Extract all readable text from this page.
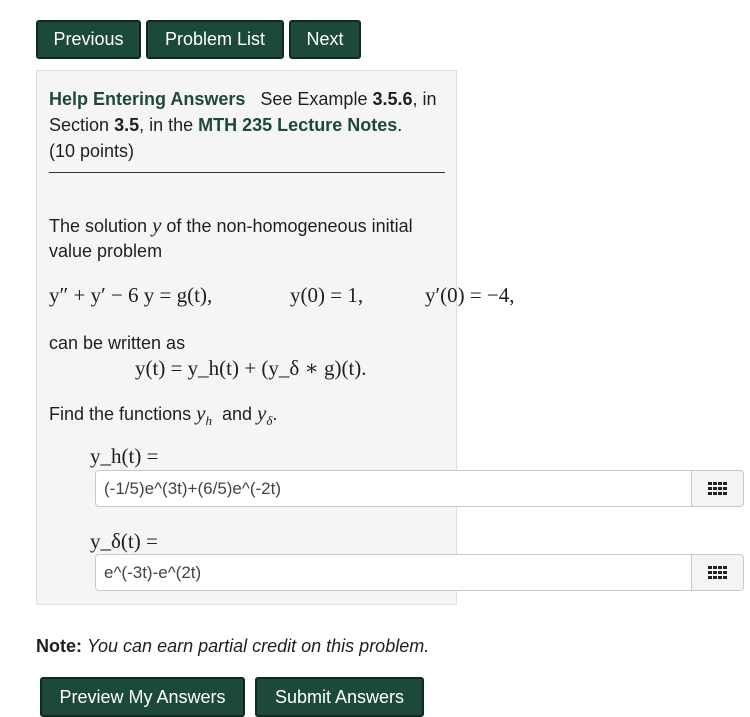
Previous	Problem List	Next
Help Entering Answers See Example 3.5.6, in
Section 3.5, in the MTH 235 Lecture Notes.
(10 points)
The solution y of the non-homogeneous initial
value problem
y″ + y′ − 6 y = g(t),	y(0) = 1,	y′(0) = −4,
can be written as
y(t) = y_h(t) + (y_δ ∗ g)(t).
Find the functions $y_h$ and $y_\delta$.
y_h(t) =
(-1/5)e^(3t)+(6/5)e^(-2t)
y_δ(t) =
e^(-3t)-e^(2t)
Note: You can earn partial credit on this problem.
Preview My Answers	Submit Answers
